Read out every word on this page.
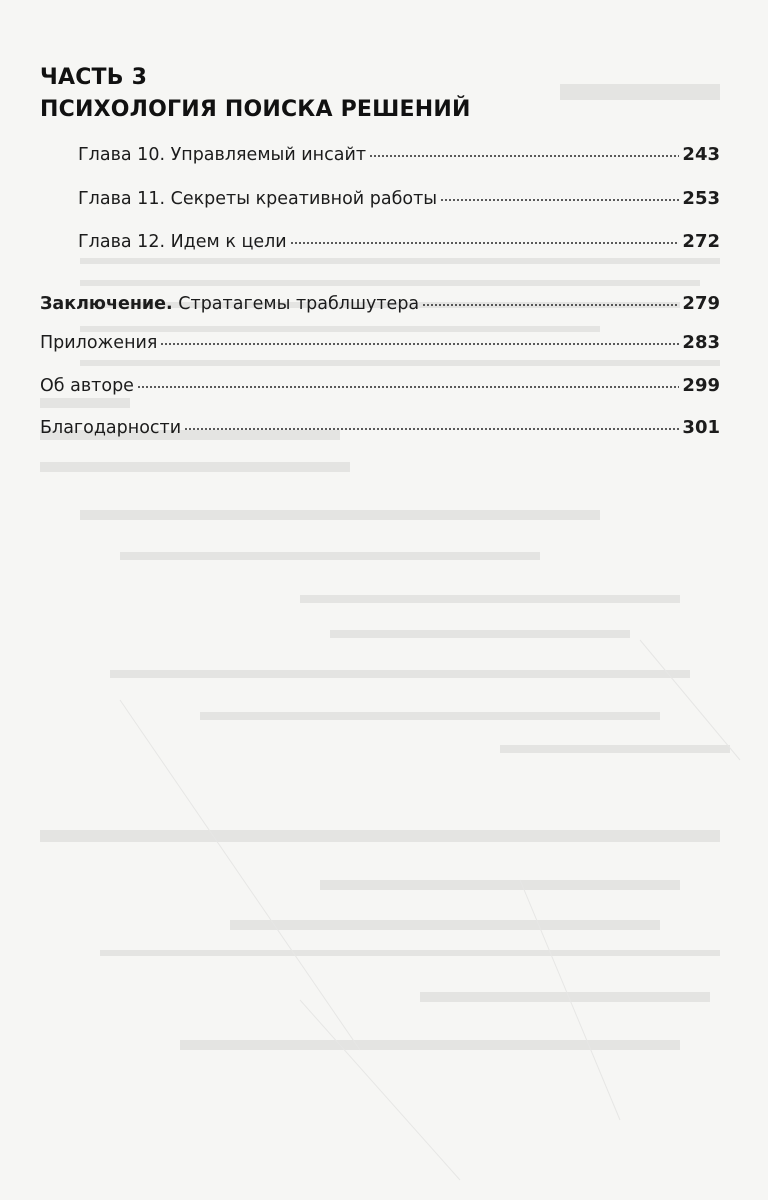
ЧАСТЬ 3
ПСИХОЛОГИЯ ПОИСКА РЕШЕНИЙ
Глава 10. Управляемый инсайт	243
Глава 11. Секреты креативной работы	253
Глава 12. Идем к цели	272
Заключение. Стратагемы траблшутера	279
Приложения	283
Об авторе	299
Благодарности	301
